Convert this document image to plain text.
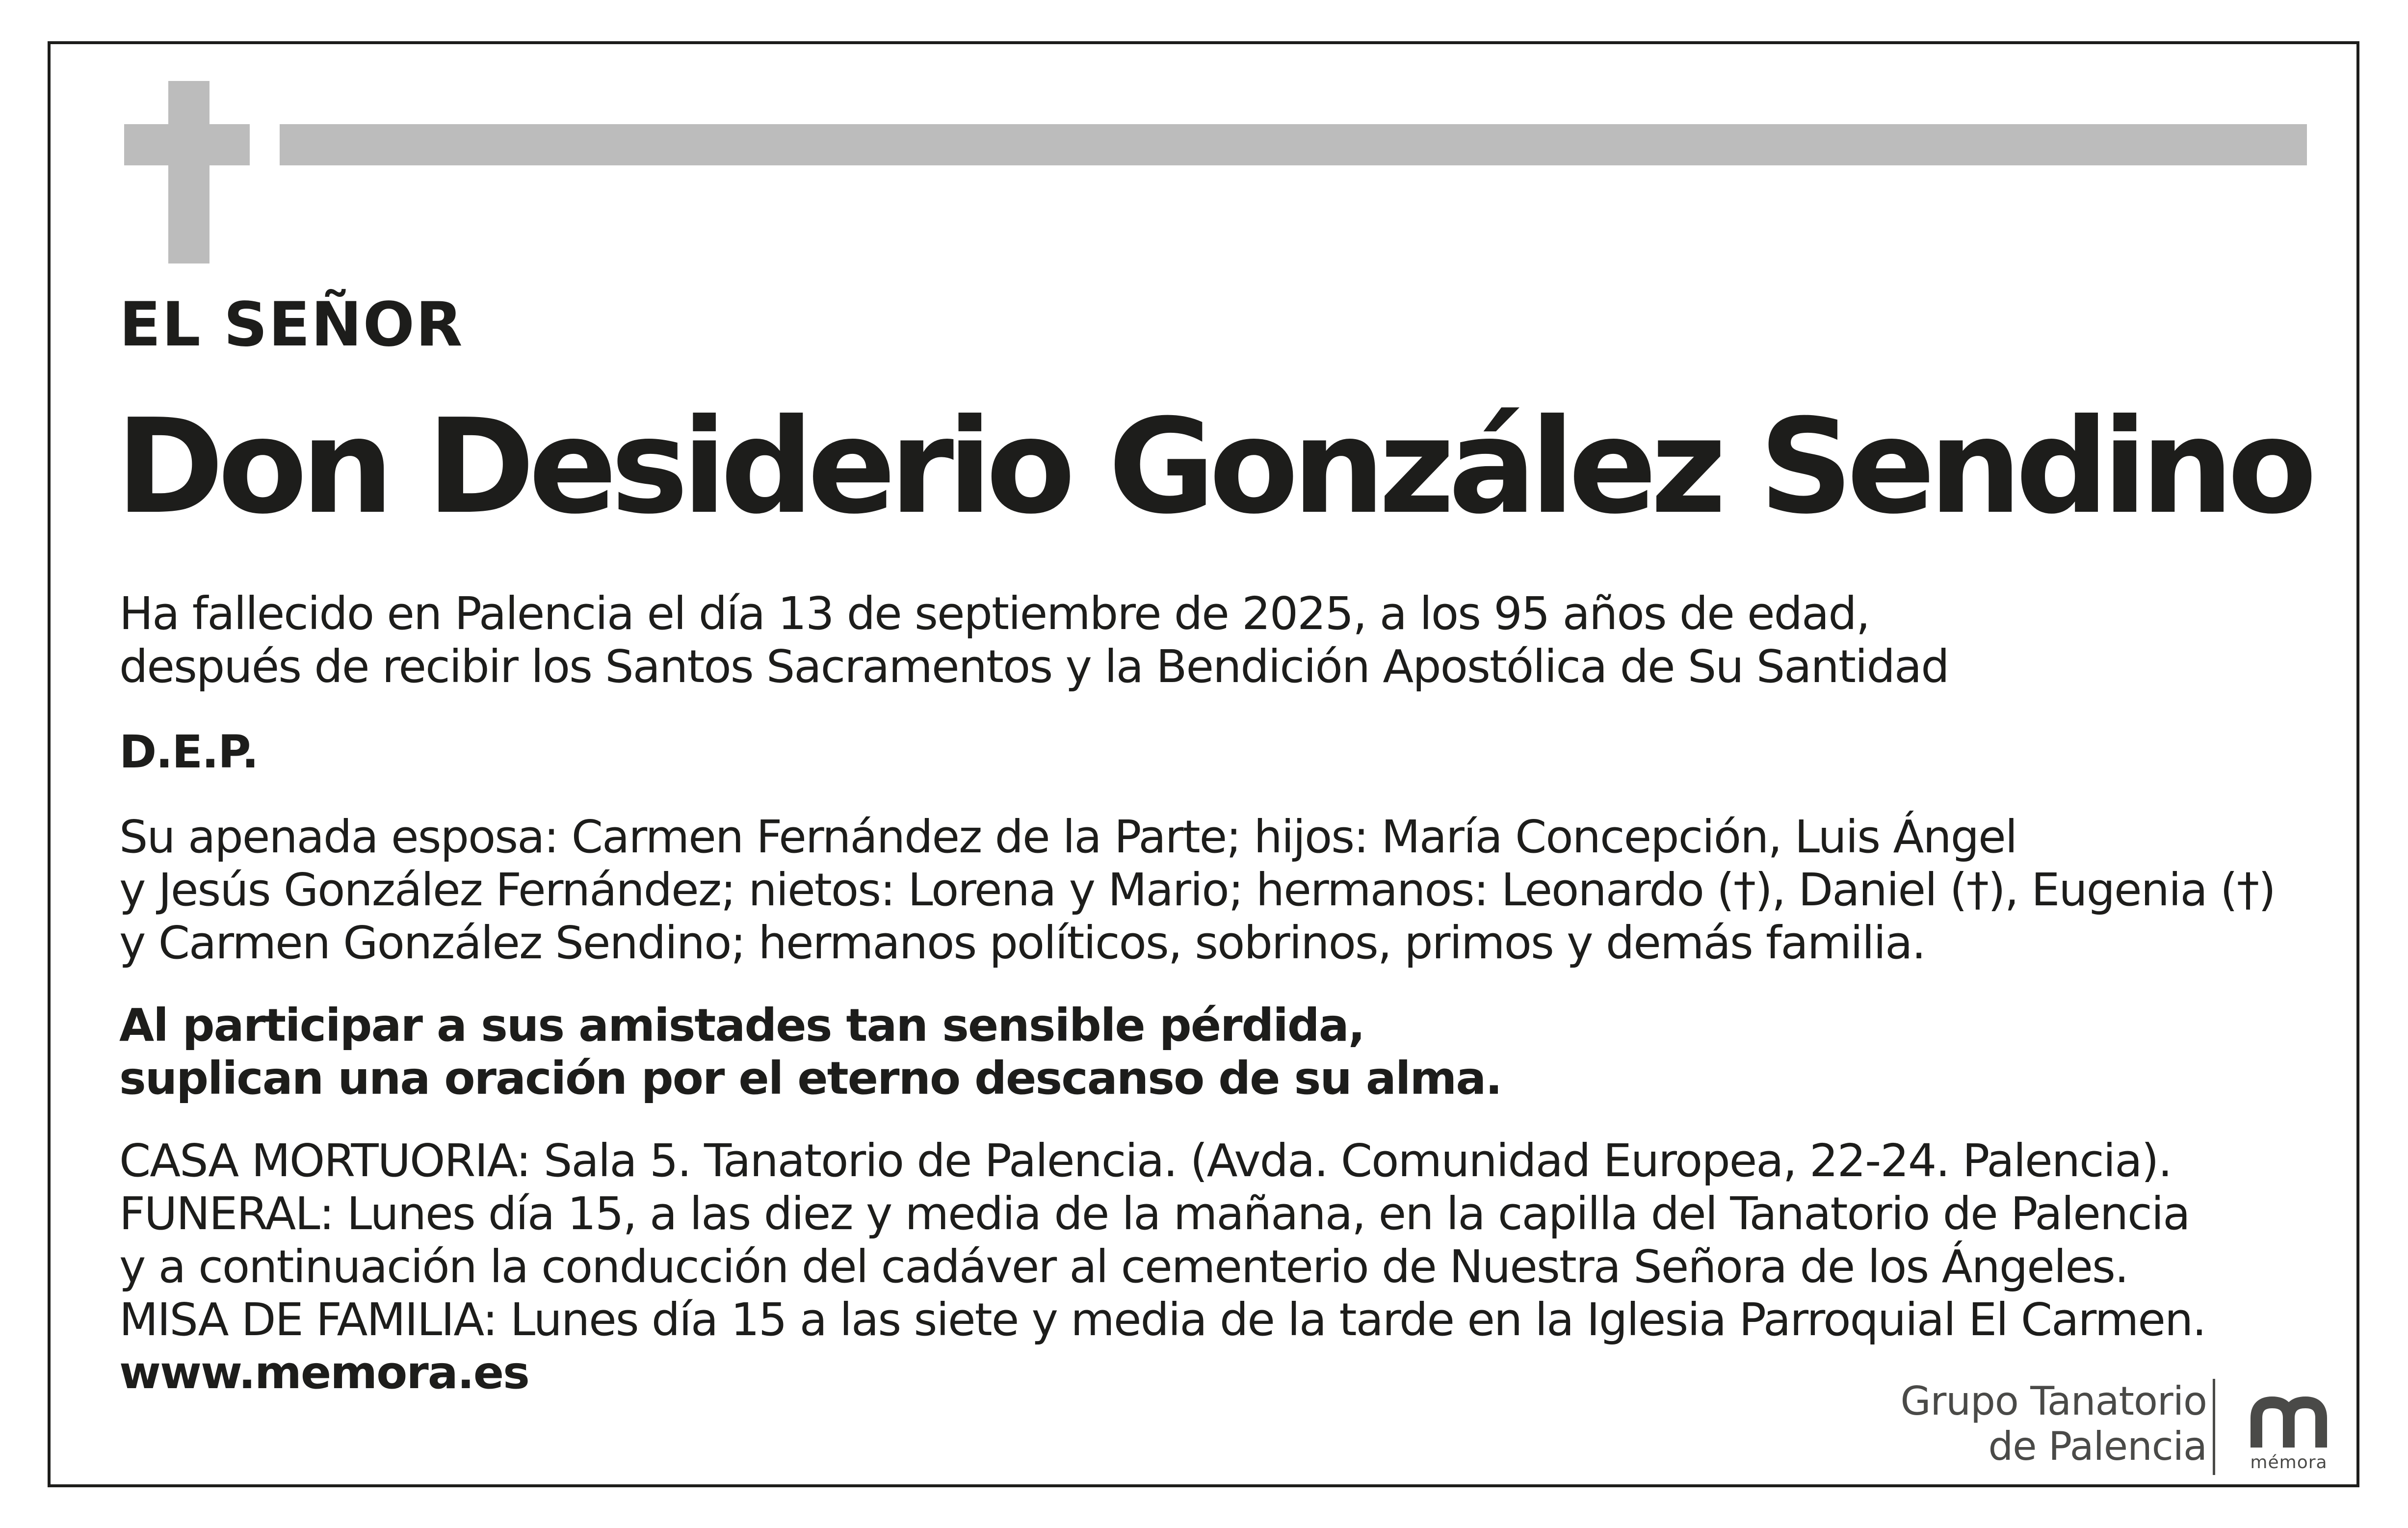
EL SEÑOR
Don Desiderio González Sendino
Ha fallecido en Palencia el día 13 de septiembre de 2025, a los 95 años de edad,
después de recibir los Santos Sacramentos y la Bendición Apostólica de Su Santidad
D.E.P.
Su apenada esposa: Carmen Fernández de la Parte; hijos: María Concepción, Luis Ángel
y Jesús González Fernández; nietos: Lorena y Mario; hermanos: Leonardo (†), Daniel (†), Eugenia (†)
y Carmen González Sendino; hermanos políticos, sobrinos, primos y demás familia.
Al participar a sus amistades tan sensible pérdida,
suplican una oración por el eterno descanso de su alma.
CASA MORTUORIA: Sala 5. Tanatorio de Palencia. (Avda. Comunidad Europea, 22-24. Palencia).
FUNERAL: Lunes día 15, a las diez y media de la mañana, en la capilla del Tanatorio de Palencia
y a continuación la conducción del cadáver al cementerio de Nuestra Señora de los Ángeles.
MISA DE FAMILIA: Lunes día 15 a las siete y media de la tarde en la Iglesia Parroquial El Carmen.
www.memora.es
Grupo Tanatorio
de Palencia	mémora
